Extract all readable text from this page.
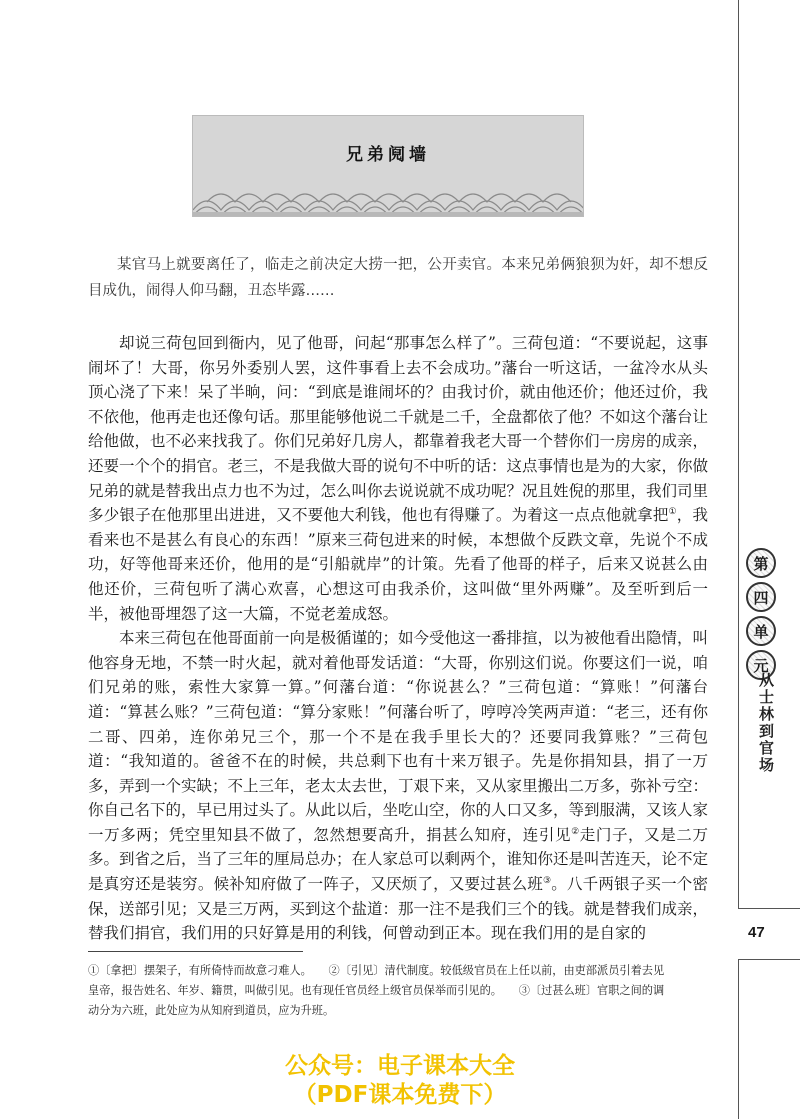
第
四
单
元
从士林到官场
47
兄弟阋墙

某官马上就要离任了，临走之前决定大捞一把，公开卖官。本来兄弟俩狼狈为奸，却不想反目成仇，闹得人仰马翻，丑态毕露……

却说三荷包回到衙内，见了他哥，问起“那事怎么样了”。三荷包道：“不要说起，这事闹坏了！大哥，你另外委别人罢，这件事看上去不会成功。”藩台一听这话，一盆冷水从头顶心浇了下来！呆了半晌，问：“到底是谁闹坏的？由我讨价，就由他还价；他还过价，我不依他，他再走也还像句话。那里能够他说二千就是二千，全盘都依了他？不如这个藩台让给他做，也不必来找我了。你们兄弟好几房人，都靠着我老大哥一个替你们一房房的成亲，还要一个个的捐官。老三，不是我做大哥的说句不中听的话：这点事情也是为的大家，你做兄弟的就是替我出点力也不为过，怎么叫你去说说就不成功呢？况且姓倪的那里，我们司里多少银子在他那里出进进，又不要他大利钱，他也有得赚了。为着这一点点他就拿把①，我看来也不是甚么有良心的东西！”原来三荷包进来的时候，本想做个反跌文章，先说个不成功，好等他哥来还价，他用的是“引船就岸”的计策。先看了他哥的样子，后来又说甚么由他还价，三荷包听了满心欢喜，心想这可由我杀价，这叫做“里外两赚”。及至听到后一半，被他哥埋怨了这一大篇，不觉老羞成怒。

本来三荷包在他哥面前一向是极循谨的；如今受他这一番排揎，以为被他看出隐情，叫他容身无地，不禁一时火起，就对着他哥发话道：“大哥，你别这们说。你要这们一说，咱们兄弟的账，索性大家算一算。”何藩台道：“你说甚么？”三荷包道：“算账！”何藩台道：“算甚么账？”三荷包道：“算分家账！”何藩台听了，哼哼冷笑两声道：“老三，还有你二哥、四弟，连你弟兄三个，那一个不是在我手里长大的？还要同我算账？”三荷包道：“我知道的。爸爸不在的时候，共总剩下也有十来万银子。先是你捐知县，捐了一万多，弄到一个实缺；不上三年，老太太去世，丁艰下来，又从家里搬出二万多，弥补亏空：你自己名下的，早已用过头了。从此以后，坐吃山空，你的人口又多，等到服满，又该人家一万多两；凭空里知县不做了，忽然想要高升，捐甚么知府，连引见②走门子，又是二万多。到省之后，当了三年的厘局总办；在人家总可以剩两个，谁知你还是叫苦连天，论不定是真穷还是装穷。候补知府做了一阵子，又厌烦了，又要过甚么班③。八千两银子买一个密保，送部引见；又是三万两，买到这个盐道：那一注不是我们三个的钱。就是替我们成亲，替我们捐官，我们用的只好算是用的利钱，何曾动到正本。现在我们用的是自家的

①〔拿把〕摆架子，有所倚恃而故意刁难人。　　②〔引见〕清代制度。较低级官员在上任以前，由吏部派员引着去见

皇帝，报告姓名、年岁、籍贯，叫做引见。也有现任官员经上级官员保举而引见的。　　③〔过甚么班〕官职之间的调

动分为六班，此处应为从知府到道员，应为升班。

公众号：电子课本大全
（PDF课本免费下）
